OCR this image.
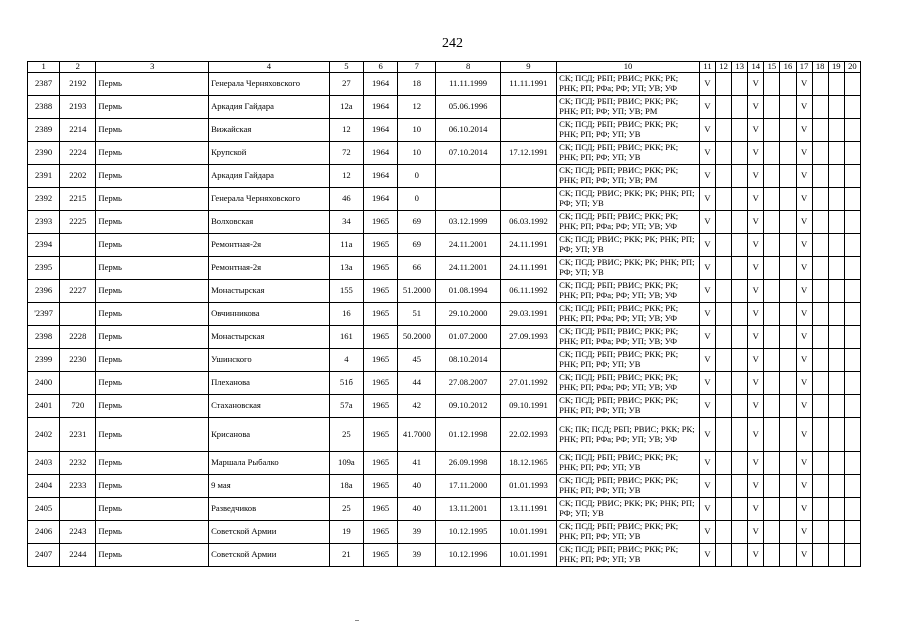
242
1	2	3	4	5	6	7	8	9	10	11	12	13	14	15	16	17	18	19	20
2387	2192	Пермь	Генерала Черняховского	27	1964	18	11.11.1999	11.11.1991	СК; ПСД; РБП; РВИС; РКК; РК; РНК; РП; РФа; РФ; УП; УВ; УФ	V			V			V			
2388	2193	Пермь	Аркадия Гайдара	12а	1964	12	05.06.1996		СК; ПСД; РБП; РВИС; РКК; РК; РНК; РП; РФ; УП; УВ; РМ	V			V			V			
2389	2214	Пермь	Вижайская	12	1964	10	06.10.2014		СК; ПСД; РБП; РВИС; РКК; РК; РНК; РП; РФ; УП; УВ	V			V			V			
2390	2224	Пермь	Крупской	72	1964	10	07.10.2014	17.12.1991	СК; ПСД; РБП; РВИС; РКК; РК; РНК; РП; РФ; УП; УВ	V			V			V			
2391	2202	Пермь	Аркадия Гайдара	12	1964	0			СК; ПСД; РБП; РВИС; РКК; РК; РНК; РП; РФ; УП; УВ; РМ	V			V			V			
2392	2215	Пермь	Генерала Черняховского	46	1964	0			СК; ПСД; РВИС; РКК; РК; РНК; РП; РФ; УП; УВ	V			V			V			
2393	2225	Пермь	Волховская	34	1965	69	03.12.1999	06.03.1992	СК; ПСД; РБП; РВИС; РКК; РК; РНК; РП; РФа; РФ; УП; УВ; УФ	V			V			V			
2394		Пермь	Ремонтная-2я	11а	1965	69	24.11.2001	24.11.1991	СК; ПСД; РВИС; РКК; РК; РНК; РП; РФ; УП; УВ	V			V			V			
2395		Пермь	Ремонтная-2я	13а	1965	66	24.11.2001	24.11.1991	СК; ПСД; РВИС; РКК; РК; РНК; РП; РФ; УП; УВ	V			V			V			
2396	2227	Пермь	Монастырская	155	1965	51.2000	01.08.1994	06.11.1992	СК; ПСД; РБП; РВИС; РКК; РК; РНК; РП; РФа; РФ; УП; УВ; УФ	V			V			V			
'2397		Пермь	Овчинникова	16	1965	51	29.10.2000	29.03.1991	СК; ПСД; РБП; РВИС; РКК; РК; РНК; РП; РФа; РФ; УП; УВ; УФ	V			V			V			
2398	2228	Пермь	Монастырская	161	1965	50.2000	01.07.2000	27.09.1993	СК; ПСД; РБП; РВИС; РКК; РК; РНК; РП; РФа; РФ; УП; УВ; УФ	V			V			V			
2399	2230	Пермь	Ушинского	4	1965	45	08.10.2014		СК; ПСД; РБП; РВИС; РКК; РК; РНК; РП; РФ; УП; УВ	V			V			V			
2400		Пермь	Плеханова	51б	1965	44	27.08.2007	27.01.1992	СК; ПСД; РБП; РВИС; РКК; РК; РНК; РП; РФа; РФ; УП; УВ; УФ	V			V			V			
2401	720	Пермь	Стахановская	57а	1965	42	09.10.2012	09.10.1991	СК; ПСД; РБП; РВИС; РКК; РК; РНК; РП; РФ; УП; УВ	V			V			V			
2402	2231	Пермь	Крисанова	25	1965	41.7000	01.12.1998	22.02.1993	СК; ПК; ПСД; РБП; РВИС; РКК; РК; РНК; РП; РФа; РФ; УП; УВ; УФ	V			V			V			
2403	2232	Пермь	Маршала Рыбалко	109а	1965	41	26.09.1998	18.12.1965	СК; ПСД; РБП; РВИС; РКК; РК; РНК; РП; РФ; УП; УВ	V			V			V			
2404	2233	Пермь	9 мая	18а	1965	40	17.11.2000	01.01.1993	СК; ПСД; РБП; РВИС; РКК; РК; РНК; РП; РФ; УП; УВ	V			V			V			
2405		Пермь	Разведчиков	25	1965	40	13.11.2001	13.11.1991	СК; ПСД; РВИС; РКК; РК; РНК; РП; РФ; УП; УВ	V			V			V			
2406	2243	Пермь	Советской Армии	19	1965	39	10.12.1995	10.01.1991	СК; ПСД; РБП; РВИС; РКК; РК; РНК; РП; РФ; УП; УВ	V			V			V			
2407	2244	Пермь	Советской Армии	21	1965	39	10.12.1996	10.01.1991	СК; ПСД; РБП; РВИС; РКК; РК; РНК; РП; РФ; УП; УВ	V			V			V			
